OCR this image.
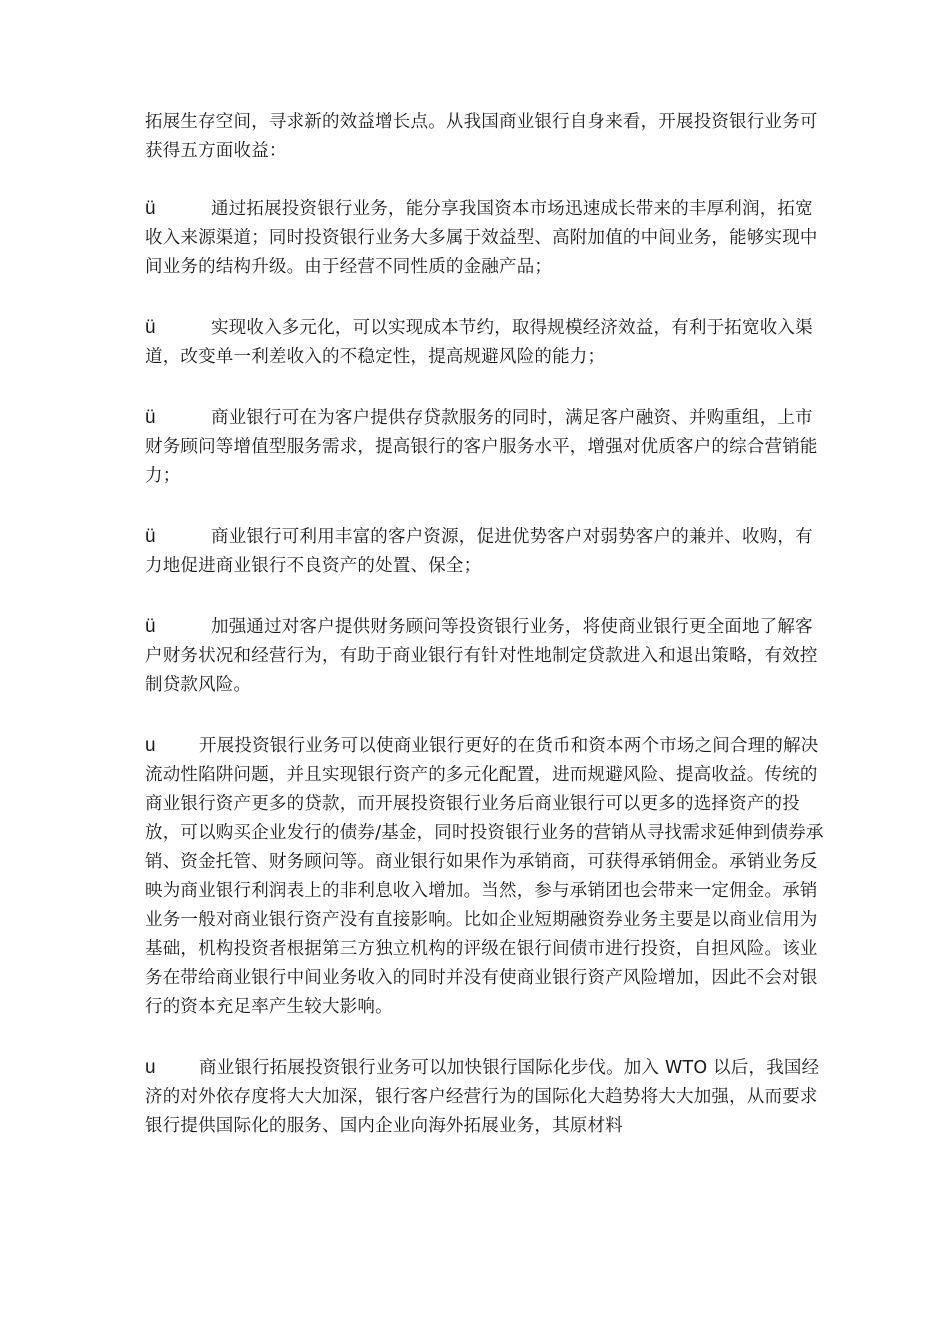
拓展生存空间，寻求新的效益增长点。从我国商业银行自身来看，开展投资银行业务可获得五方面收益：

ü	通过拓展投资银行业务，能分享我国资本市场迅速成长带来的丰厚利润，拓宽收入来源渠道；同时投资银行业务大多属于效益型、高附加值的中间业务，能够实现中间业务的结构升级。由于经营不同性质的金融产品；

ü	实现收入多元化，可以实现成本节约，取得规模经济效益，有利于拓宽收入渠道，改变单一利差收入的不稳定性，提高规避风险的能力；

ü	商业银行可在为客户提供存贷款服务的同时，满足客户融资、并购重组，上市财务顾问等增值型服务需求，提高银行的客户服务水平，增强对优质客户的综合营销能力；

ü	商业银行可利用丰富的客户资源，促进优势客户对弱势客户的兼并、收购，有力地促进商业银行不良资产的处置、保全；

ü	加强通过对客户提供财务顾问等投资银行业务，将使商业银行更全面地了解客户财务状况和经营行为，有助于商业银行有针对性地制定贷款进入和退出策略，有效控制贷款风险。

u 开展投资银行业务可以使商业银行更好的在货币和资本两个市场之间合理的解决流动性陷阱问题，并且实现银行资产的多元化配置，进而规避风险、提高收益。传统的商业银行资产更多的贷款，而开展投资银行业务后商业银行可以更多的选择资产的投放，可以购买企业发行的债券/基金，同时投资银行业务的营销从寻找需求延伸到债券承销、资金托管、财务顾问等。商业银行如果作为承销商，可获得承销佣金。承销业务反映为商业银行利润表上的非利息收入增加。当然，参与承销团也会带来一定佣金。承销业务一般对商业银行资产没有直接影响。比如企业短期融资券业务主要是以商业信用为基础，机构投资者根据第三方独立机构的评级在银行间债市进行投资，自担风险。该业务在带给商业银行中间业务收入的同时并没有使商业银行资产风险增加，因此不会对银行的资本充足率产生较大影响。

u 商业银行拓展投资银行业务可以加快银行国际化步伐。加入 WTO 以后，我国经济的对外依存度将大大加深，银行客户经营行为的国际化大趋势将大大加强，从而要求银行提供国际化的服务、国内企业向海外拓展业务，其原材料
